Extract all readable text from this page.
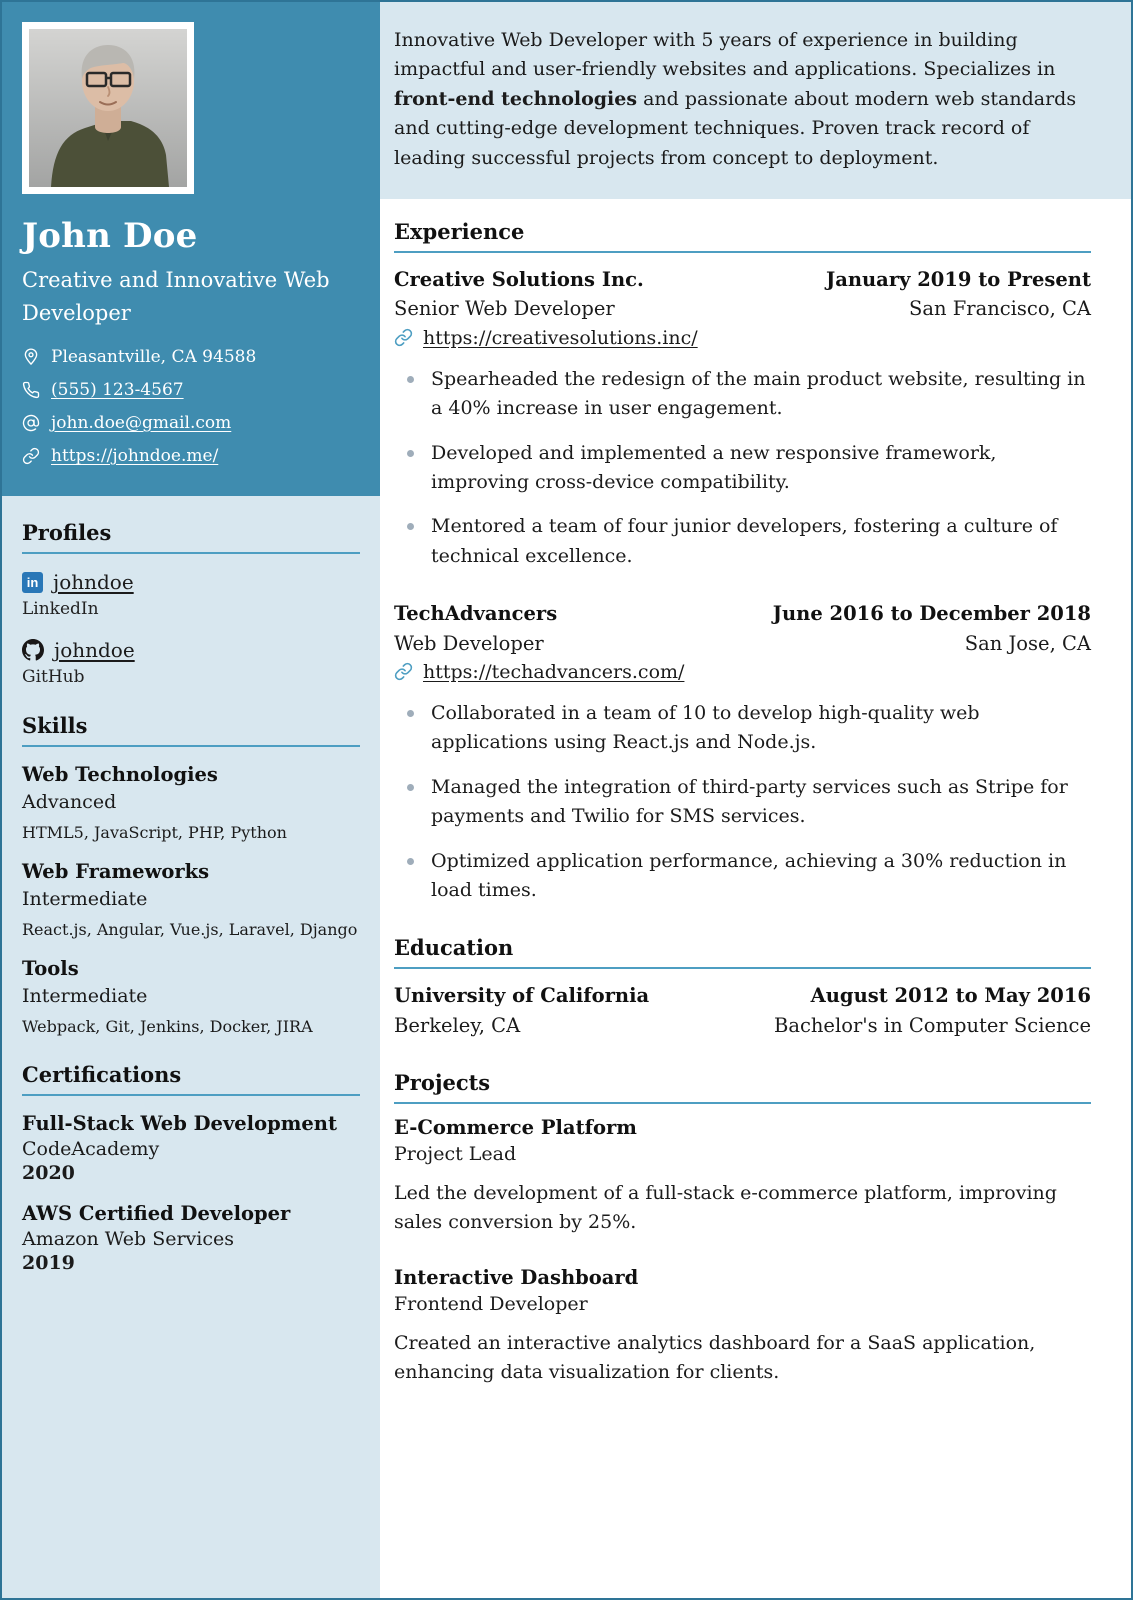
John Doe
Creative and Innovative Web Developer
Pleasantville, CA 94588
(555) 123-4567
john.doe@gmail.com
https://johndoe.me/
Profiles
in johndoe
LinkedIn
johndoe
GitHub
Skills
Web Technologies
Advanced
HTML5, JavaScript, PHP, Python
Web Frameworks
Intermediate
React.js, Angular, Vue.js, Laravel, Django
Tools
Intermediate
Webpack, Git, Jenkins, Docker, JIRA
Certifications
Full-Stack Web Development
CodeAcademy
2020
AWS Certified Developer
Amazon Web Services
2019
Innovative Web Developer with 5 years of experience in building impactful and user-friendly websites and applications. Specializes in front-end technologies and passionate about modern web standards and cutting-edge development techniques. Proven track record of leading successful projects from concept to deployment.
Experience
Creative Solutions Inc.	January 2019 to Present
Senior Web Developer	San Francisco, CA
https://creativesolutions.inc/
Spearheaded the redesign of the main product website, resulting in a 40% increase in user engagement.
Developed and implemented a new responsive framework, improving cross-device compatibility.
Mentored a team of four junior developers, fostering a culture of technical excellence.
TechAdvancers	June 2016 to December 2018
Web Developer	San Jose, CA
https://techadvancers.com/
Collaborated in a team of 10 to develop high-quality web applications using React.js and Node.js.
Managed the integration of third-party services such as Stripe for payments and Twilio for SMS services.
Optimized application performance, achieving a 30% reduction in load times.
Education
University of California	August 2012 to May 2016
Berkeley, CA	Bachelor's in Computer Science
Projects
E-Commerce Platform
Project Lead
Led the development of a full-stack e-commerce platform, improving sales conversion by 25%.
Interactive Dashboard
Frontend Developer
Created an interactive analytics dashboard for a SaaS application, enhancing data visualization for clients.
